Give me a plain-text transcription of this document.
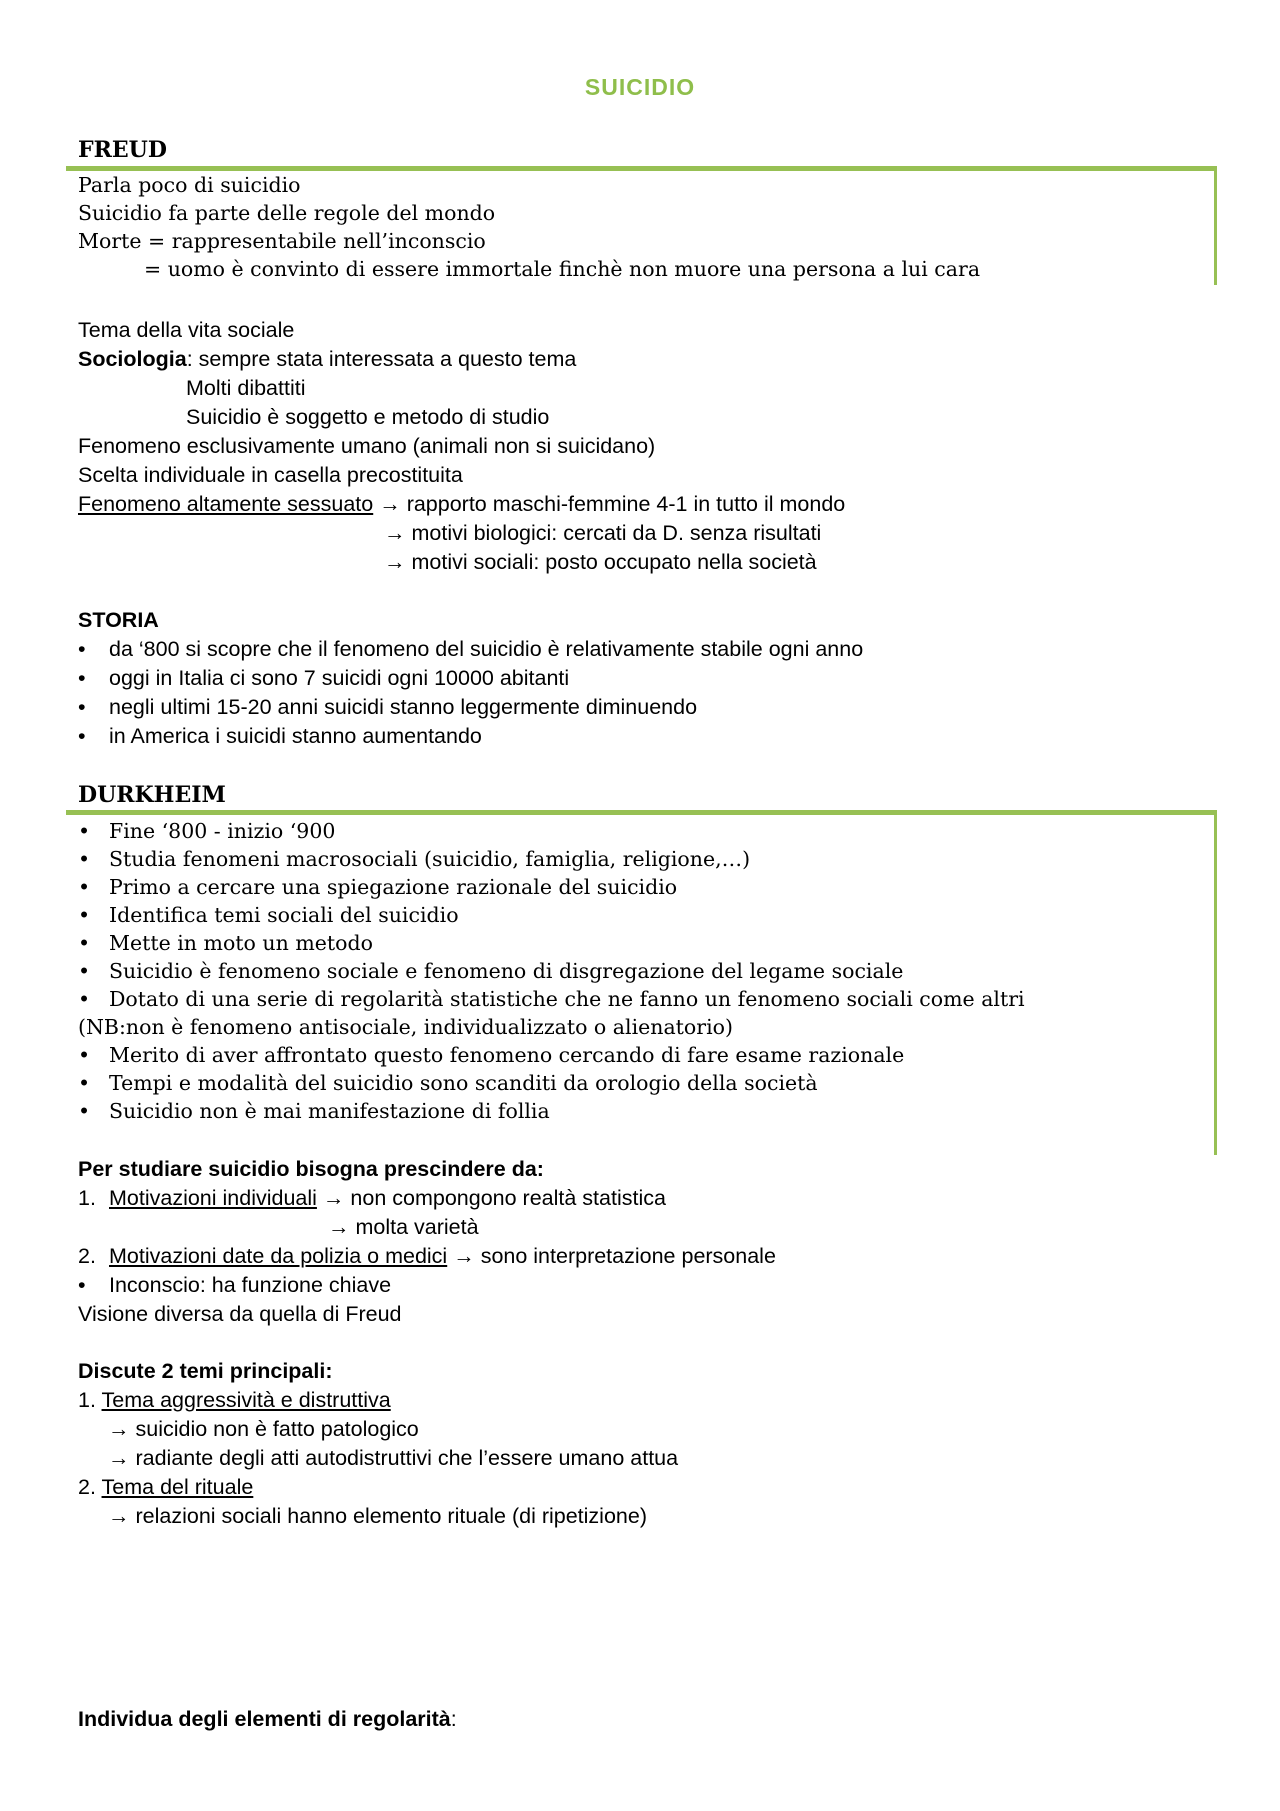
SUICIDIO
FREUD
Parla poco di suicidio
Suicidio fa parte delle regole del mondo
Morte = rappresentabile nell’inconscio
= uomo è convinto di essere immortale finchè non muore una persona a lui cara
Tema della vita sociale
Sociologia: sempre stata interessata a questo tema
Molti dibattiti
Suicidio è soggetto e metodo di studio
Fenomeno esclusivamente umano (animali non si suicidano)
Scelta individuale in casella precostituita
Fenomeno altamente sessuato → rapporto maschi-femmine 4-1 in tutto il mondo
→ motivi biologici: cercati da D. senza risultati
→ motivi sociali: posto occupato nella società
STORIA
• da ‘800 si scopre che il fenomeno del suicidio è relativamente stabile ogni anno
• oggi in Italia ci sono 7 suicidi ogni 10000 abitanti
• negli ultimi 15-20 anni suicidi stanno leggermente diminuendo
• in America i suicidi stanno aumentando
DURKHEIM
• Fine ‘800 - inizio ‘900
• Studia fenomeni macrosociali (suicidio, famiglia, religione,…)
• Primo a cercare una spiegazione razionale del suicidio
• Identifica temi sociali del suicidio
• Mette in moto un metodo
• Suicidio è fenomeno sociale e fenomeno di disgregazione del legame sociale
• Dotato di una serie di regolarità statistiche che ne fanno un fenomeno sociali come altri
(NB:non è fenomeno antisociale, individualizzato o alienatorio)
• Merito di aver affrontato questo fenomeno cercando di fare esame razionale
• Tempi e modalità del suicidio sono scanditi da orologio della società
• Suicidio non è mai manifestazione di follia
Per studiare suicidio bisogna prescindere da:
1. Motivazioni individuali → non compongono realtà statistica
→ molta varietà
2. Motivazioni date da polizia o medici → sono interpretazione personale
• Inconscio: ha funzione chiave
Visione diversa da quella di Freud
Discute 2 temi principali:
1. Tema aggressività e distruttiva
→ suicidio non è fatto patologico
→ radiante degli atti autodistruttivi che l’essere umano attua
2. Tema del rituale
→ relazioni sociali hanno elemento rituale (di ripetizione)
Individua degli elementi di regolarità:
